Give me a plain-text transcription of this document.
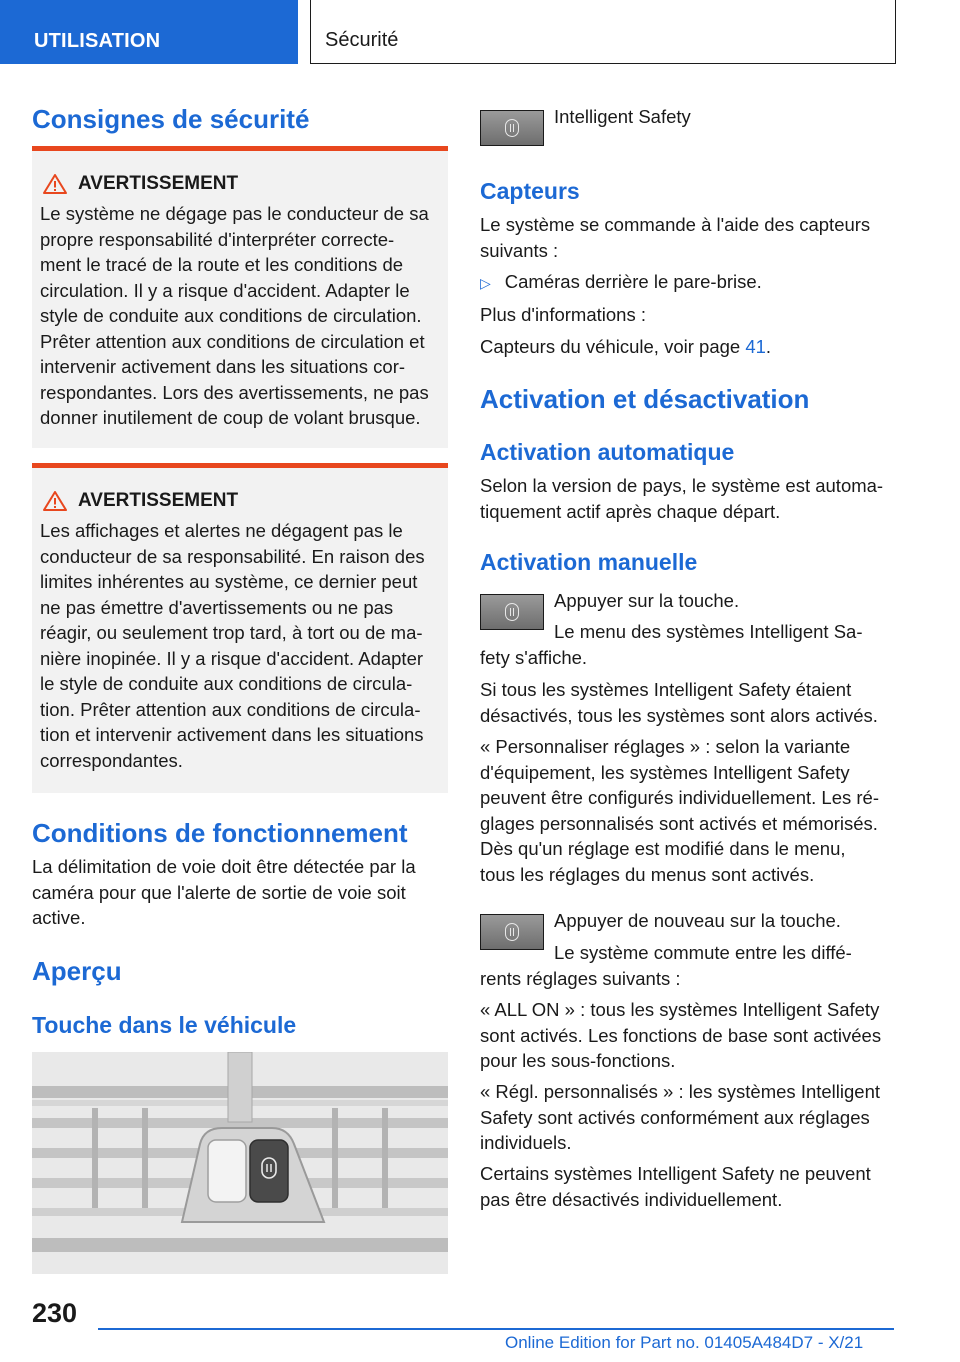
UTILISATION	Sécurité
Consignes de sécurité
AVERTISSEMENT

Le système ne dégage pas le conducteur de sa

propre responsabilité d'interpréter correcte-

ment le tracé de la route et les conditions de

circulation. Il y a risque d'accident. Adapter le

style de conduite aux conditions de circulation.

Prêter attention aux conditions de circulation et

intervenir activement dans les situations cor-

respondantes. Lors des avertissements, ne pas

donner inutilement de coup de volant brusque.

AVERTISSEMENT

Les affichages et alertes ne dégagent pas le

conducteur de sa responsabilité. En raison des

limites inhérentes au système, ce dernier peut

ne pas émettre d'avertissements ou ne pas

réagir, ou seulement trop tard, à tort ou de ma-

nière inopinée. Il y a risque d'accident. Adapter

le style de conduite aux conditions de circula-

tion. Prêter attention aux conditions de circula-

tion et intervenir activement dans les situations

correspondantes.

Conditions de fonctionnement

La délimitation de voie doit être détectée par la

caméra pour que l'alerte de sortie de voie soit

active.

Aperçu
Touche dans le véhicule

Intelligent Safety

Capteurs

Le système se commande à l'aide des capteurs

suivants :

▷ Caméras derrière le pare-brise.

Plus d'informations :

Capteurs du véhicule, voir page 41.

Activation et désactivation
Activation automatique

Selon la version de pays, le système est automa-

tiquement actif après chaque départ.

Activation manuelle

Appuyer sur la touche.

Le menu des systèmes Intelligent Sa-

fety s'affiche.

Si tous les systèmes Intelligent Safety étaient

désactivés, tous les systèmes sont alors activés.

« Personnaliser réglages » : selon la variante

d'équipement, les systèmes Intelligent Safety

peuvent être configurés individuellement. Les ré-

glages personnalisés sont activés et mémorisés.

Dès qu'un réglage est modifié dans le menu,

tous les réglages du menus sont activés.

Appuyer de nouveau sur la touche.

Le système commute entre les diffé-

rents réglages suivants :

« ALL ON » : tous les systèmes Intelligent Safety

sont activés. Les fonctions de base sont activées

pour les sous-fonctions.

« Régl. personnalisés » : les systèmes Intelligent

Safety sont activés conformément aux réglages

individuels.

Certains systèmes Intelligent Safety ne peuvent

pas être désactivés individuellement.

230
Online Edition for Part no. 01405A484D7 - X/21
